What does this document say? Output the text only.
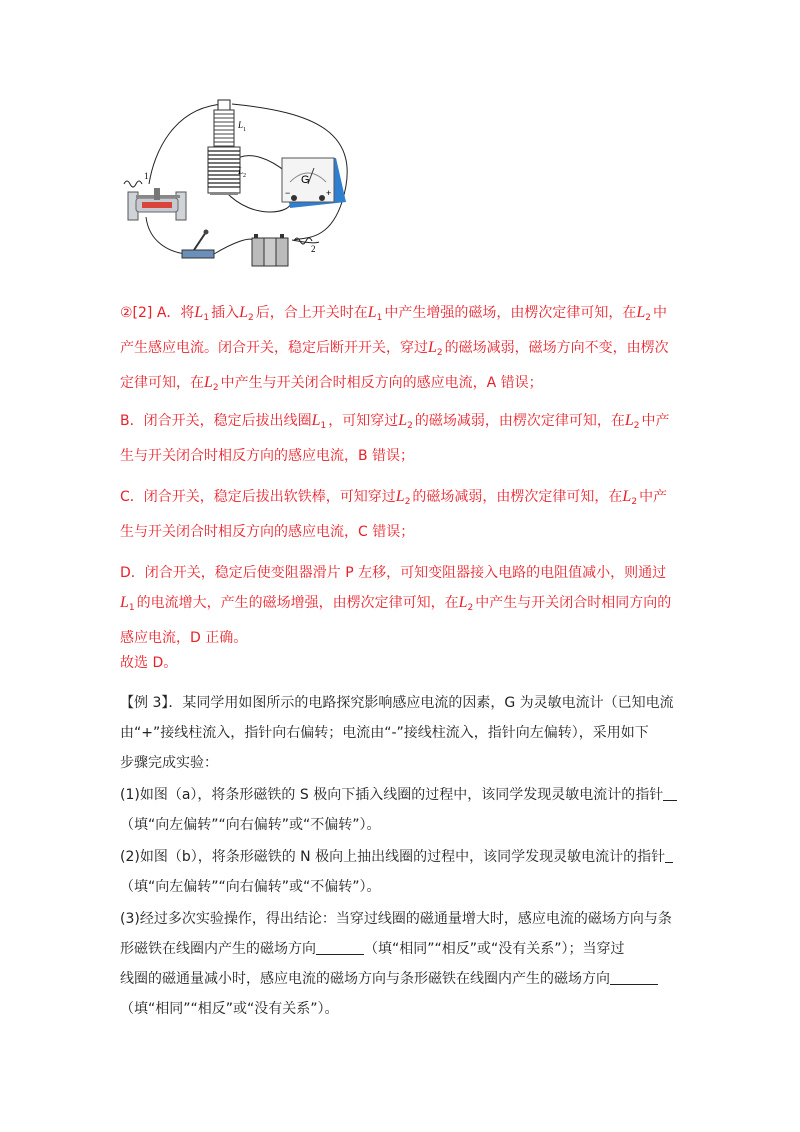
L 1
L 2	G
−	+
1
2
②[2] A．将$L_1$ 插入$L_2$ 后，合上开关时在$L_1$ 中产生增强的磁场，由楞次定律可知，在$L_2$ 中
产生感应电流。闭合开关，稳定后断开开关，穿过$L_2$ 的磁场减弱，磁场方向不变，由楞次
定律可知，在$L_2$ 中产生与开关闭合时相反方向的感应电流，A 错误；
B．闭合开关，稳定后拔出线圈$L_1$ ，可知穿过$L_2$ 的磁场减弱，由楞次定律可知，在$L_2$ 中产
生与开关闭合时相反方向的感应电流，B 错误；
C．闭合开关，稳定后拔出软铁棒，可知穿过$L_2$ 的磁场减弱，由楞次定律可知，在$L_2$ 中产
生与开关闭合时相反方向的感应电流，C 错误；
D．闭合开关，稳定后使变阻器滑片 P 左移，可知变阻器接入电路的电阻值减小，则通过
$L_1$ 的电流增大，产生的磁场增强，由楞次定律可知，在$L_2$ 中产生与开关闭合时相同方向的
感应电流，D 正确。
故选 D。
【例 3】．某同学用如图所示的电路探究影响感应电流的因素，G 为灵敏电流计（已知电流
由“+”接线柱流入，指针向右偏转；电流由“-”接线柱流入，指针向左偏转），采用如下
步骤完成实验：
(1)如图（a），将条形磁铁的 S 极向下插入线圈的过程中，该同学发现灵敏电流计的指针
（填“向左偏转”“向右偏转”或“不偏转”）。
(2)如图（b），将条形磁铁的 N 极向上抽出线圈的过程中，该同学发现灵敏电流计的指针
（填“向左偏转”“向右偏转”或“不偏转”）。
(3)经过多次实验操作，得出结论：当穿过线圈的磁通量增大时，感应电流的磁场方向与条
形磁铁在线圈内产生的磁场方向	（填“相同”“相反”或“没有关系”）；当穿过
线圈的磁通量减小时，感应电流的磁场方向与条形磁铁在线圈内产生的磁场方向
（填“相同”“相反”或“没有关系”）。
